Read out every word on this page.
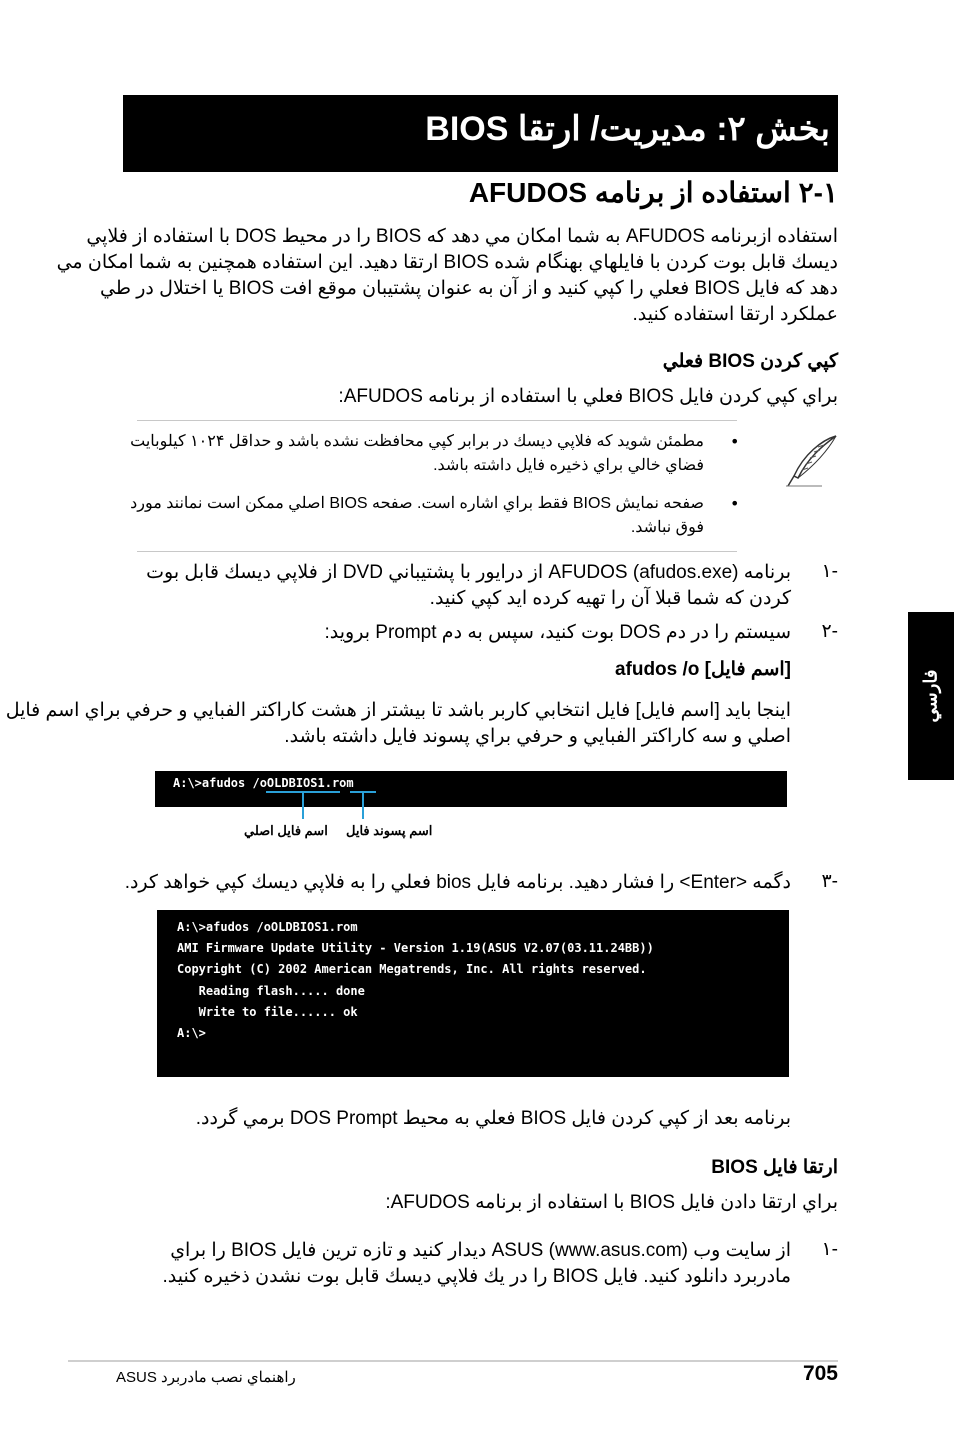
بخش ۲: مديريت/ ارتقا BIOS
۲-۱ استفاده از برنامه AFUDOS
استفاده ازبرنامه AFUDOS به شما امكان مي دهد كه BIOS را در محيط DOS با استفاده از فلاپي
ديسك قابل بوت كردن با فايلهاي بهنگام شده BIOS ارتقا دهيد. اين استفاده همچنين به شما امكان مي
دهد كه فايل BIOS فعلي را كپي كنيد و از آن به عنوان پشتيبان موقع افت BIOS يا اختلال در طي
عملكرد ارتقا استفاده كنيد.
كپي كردن BIOS فعلي
براي كپي كردن فايل BIOS فعلي با استفاده از برنامه AFUDOS:
•
مطمئن شويد كه فلاپي ديسك در برابر كپي محافظت نشده باشد و حداقل ۱۰۲۴ كيلوبايت
فضاي خالي براي ذخيره فايل داشته باشد.
•
صفحه نمايش BIOS فقط براي اشاره است. صفحه BIOS اصلي ممكن است نمانند مورد
فوق نباشد.
۱-
برنامه AFUDOS (afudos.exe) از درايور با پشتيباني DVD از فلاپي ديسك قابل بوت
كردن كه شما قبلا آن را تهيه كرده ايد كپي كنيد.
۲-
سيستم را در دم DOS بوت كنيد، سپس به دم Prompt برويد:
afudos /o [اسم فايل]
اينجا بايد [اسم فايل] فايل انتخابي كاربر باشد تا بيشتر از هشت كاراكتر الفبايي و حرفي براي اسم فايل
اصلي و سه كاراكتر الفبايي و حرفي براي پسوند فايل داشته باشد.
A:\>afudos /oOLDBIOS1.rom
اسم فايل اصلي اسم پسوند فايل
۳-
دگمه <Enter> را فشار دهيد. برنامه فايل bios فعلي را به فلاپي ديسك كپي خواهد كرد.
A:\>afudos /oOLDBIOS1.rom
AMI Firmware Update Utility - Version 1.19(ASUS V2.07(03.11.24BB))
Copyright (C) 2002 American Megatrends, Inc. All rights reserved.
Reading flash..... done
Write to file...... ok
A:\>
برنامه بعد از كپي كردن فايل BIOS فعلي به محيط DOS Prompt برمي گردد.
ارتقا فايل BIOS
براي ارتقا دادن فايل BIOS با استفاده از برنامه AFUDOS:
۱-
از سايت وب ASUS (www.asus.com) ديدار كنيد و تازه ترين فايل BIOS را براي
مادربرد دانلود كنيد. فايل BIOS را در يك فلاپي ديسك قابل بوت نشدن ذخيره كنيد.
فارسي
راهنماي نصب مادربرد ASUS	705
